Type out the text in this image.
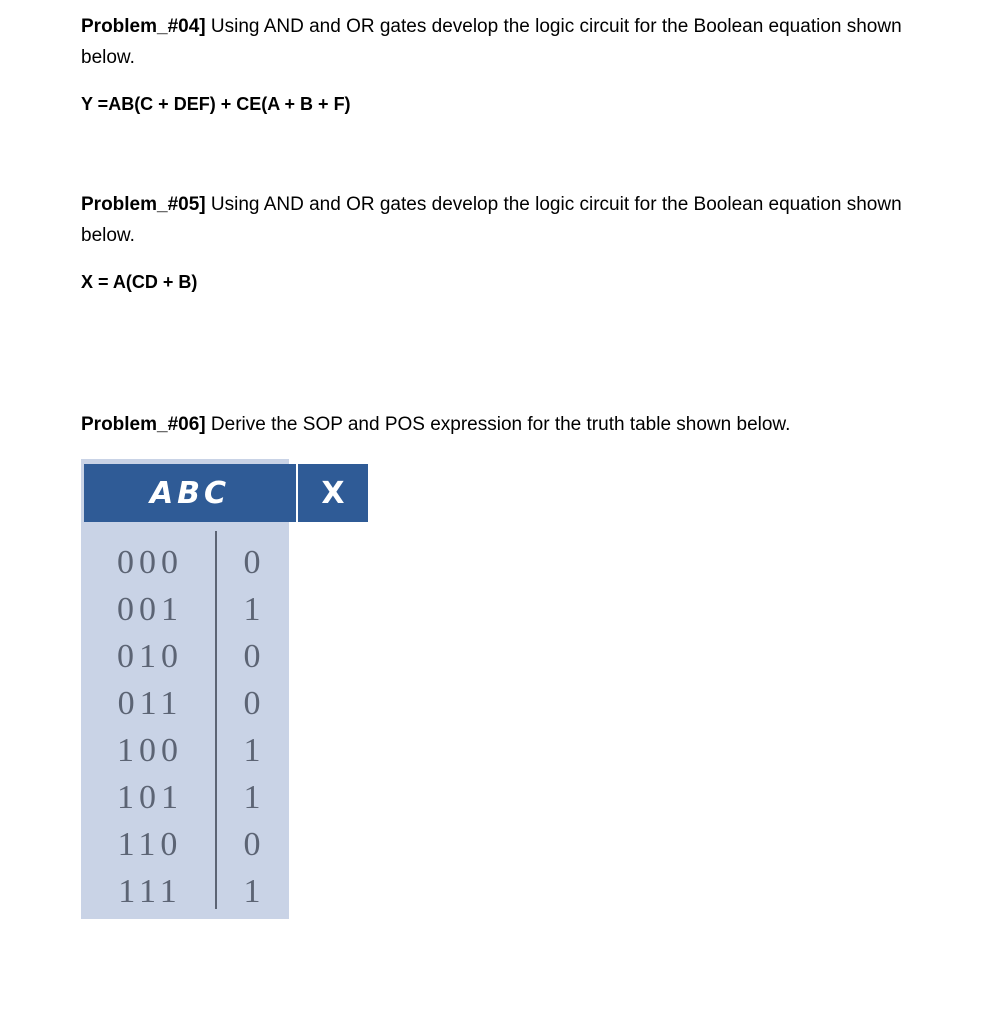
Problem_#04] Using AND and OR gates develop the logic circuit for the Boolean equation shown below.
Y =AB(C + DEF) + CE(A + B + F)
Problem_#05] Using AND and OR gates develop the logic circuit for the Boolean equation shown below.
X = A(CD + B)
Problem_#06] Derive the SOP and POS expression for the truth table shown below.
ABC	X
000	0
001	1
010	0
011	0
100	1
101	1
110	0
111	1
